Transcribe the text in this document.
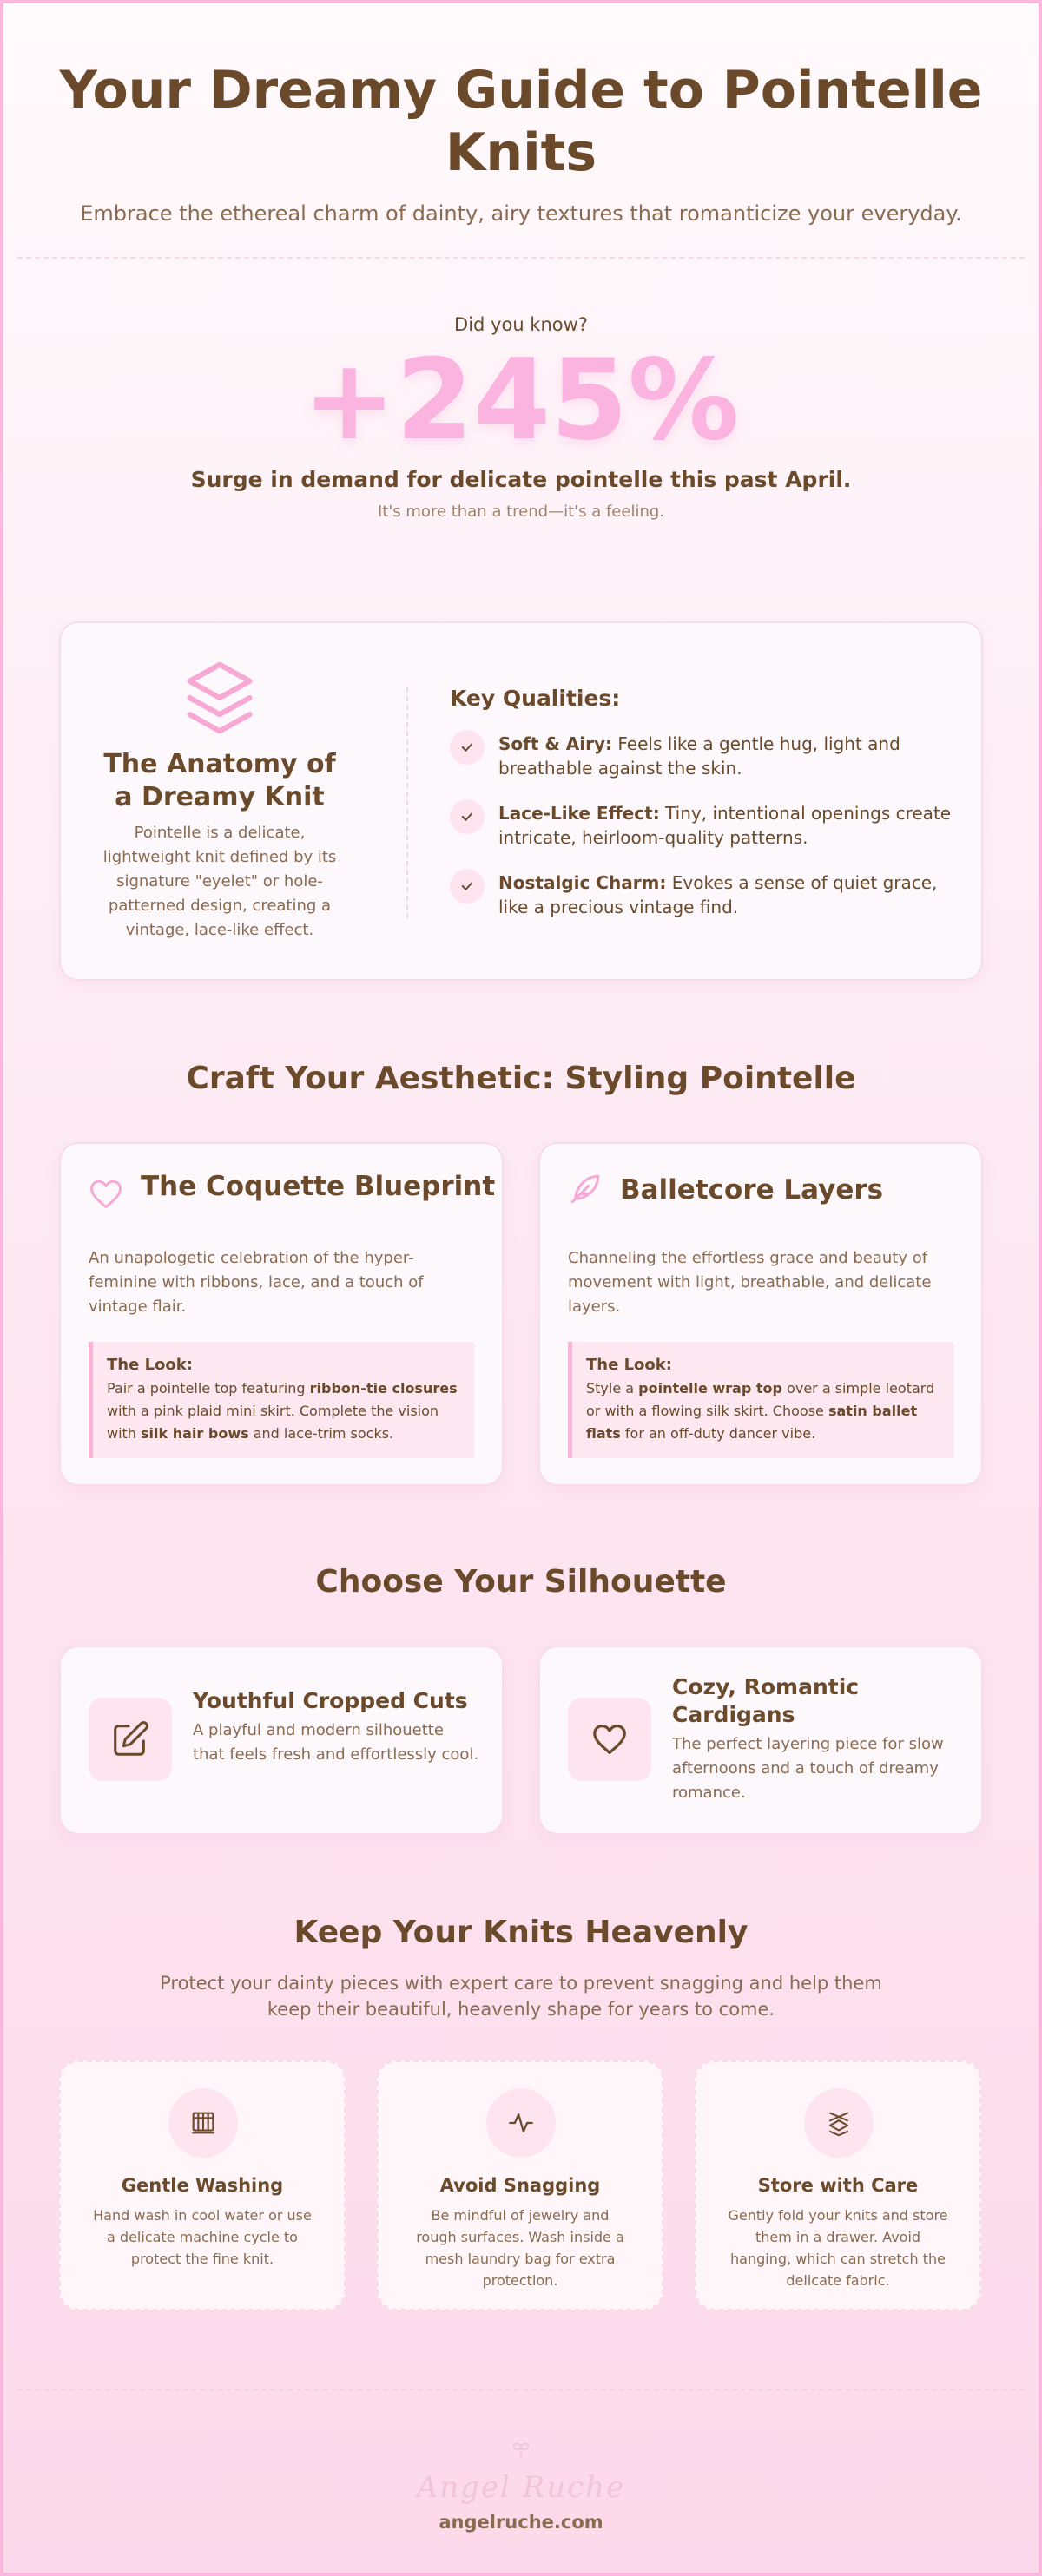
Your Dreamy Guide to Pointelle Knits

Embrace the ethereal charm of dainty, airy textures that romanticize your everyday.

Did you know?
+245%
Surge in demand for delicate pointelle this past April.
It's more than a trend—it's a feeling.
The Anatomy of a Dreamy Knit

Pointelle is a delicate, lightweight knit defined by its signature "eyelet" or hole-patterned design, creating a vintage, lace-like effect.

Key Qualities:
Soft & Airy: Feels like a gentle hug, light and breathable against the skin.
Lace-Like Effect: Tiny, intentional openings create intricate, heirloom-quality patterns.
Nostalgic Charm: Evokes a sense of quiet grace, like a precious vintage find.
Craft Your Aesthetic: Styling Pointelle
The Coquette Blueprint
An unapologetic celebration of the hyper-feminine with ribbons, lace, and a touch of vintage flair.
The Look:
Pair a pointelle top featuring ribbon-tie closures with a pink plaid mini skirt. Complete the vision with silk hair bows and lace-trim socks.
Balletcore Layers
Channeling the effortless grace and beauty of movement with light, breathable, and delicate layers.
The Look:
Style a pointelle wrap top over a simple leotard or with a flowing silk skirt. Choose satin ballet flats for an off-duty dancer vibe.
Choose Your Silhouette
Youthful Cropped Cuts

A playful and modern silhouette that feels fresh and effortlessly cool.

Cozy, Romantic Cardigans

The perfect layering piece for slow afternoons and a touch of dreamy romance.

Keep Your Knits Heavenly
Protect your dainty pieces with expert care to prevent snagging and help them keep their beautiful, heavenly shape for years to come.
Gentle Washing

Hand wash in cool water or use a delicate machine cycle to protect the fine knit.

Avoid Snagging

Be mindful of jewelry and rough surfaces. Wash inside a mesh laundry bag for extra protection.

Store with Care

Gently fold your knits and store them in a drawer. Avoid hanging, which can stretch the delicate fabric.

Angel Ruche
angelruche.com
